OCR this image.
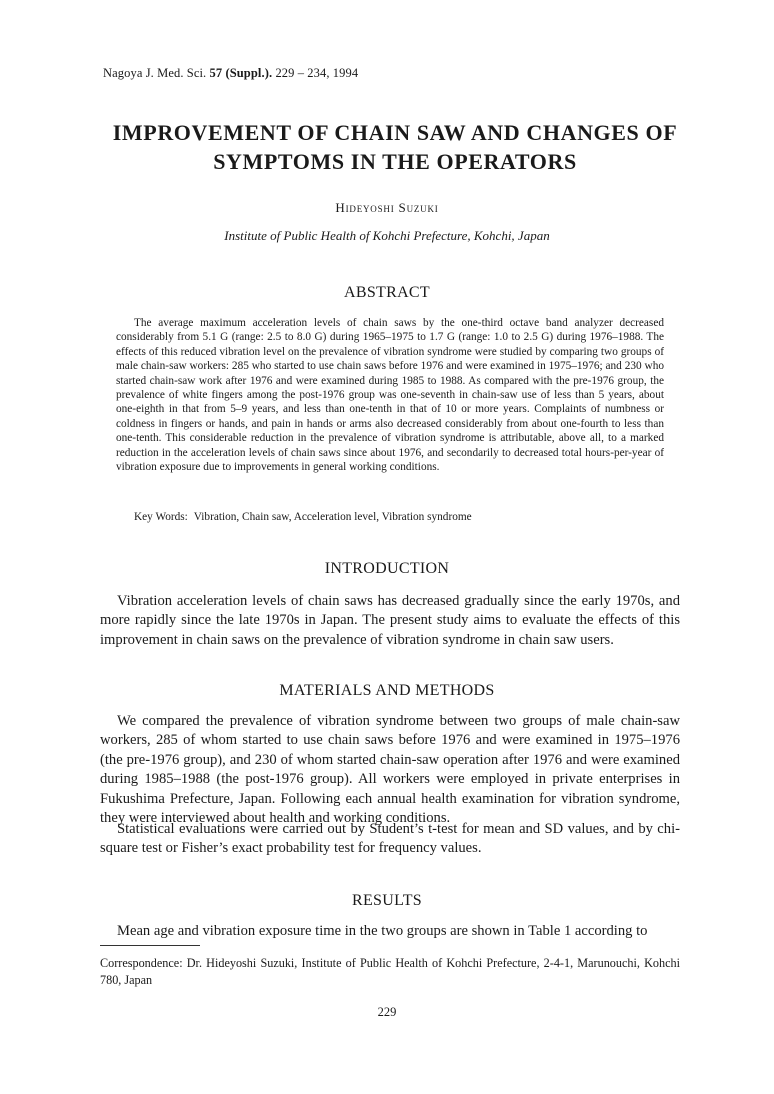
Nagoya J. Med. Sci. 57 (Suppl.). 229 – 234, 1994
IMPROVEMENT OF CHAIN SAW AND CHANGES OF
SYMPTOMS IN THE OPERATORS
Hideyoshi Suzuki
Institute of Public Health of Kohchi Prefecture, Kohchi, Japan
ABSTRACT

The average maximum acceleration levels of chain saws by the one-third octave band analyzer decreased considerably from 5.1 G (range: 2.5 to 8.0 G) during 1965–1975 to 1.7 G (range: 1.0 to 2.5 G) during 1976–1988. The effects of this reduced vibration level on the prevalence of vibration syndrome were studied by comparing two groups of male chain-saw workers: 285 who started to use chain saws before 1976 and were examined in 1975–1976; and 230 who started chain-saw work after 1976 and were examined during 1985 to 1988. As compared with the pre-1976 group, the prevalence of white fingers among the post-1976 group was one-seventh in chain-saw use of less than 5 years, about one-eighth in that from 5–9 years, and less than one-tenth in that of 10 or more years. Complaints of numbness or coldness in fingers or hands, and pain in hands or arms also decreased considerably from about one-fourth to less than one-tenth. This considerable reduction in the prevalence of vibration syndrome is attributable, above all, to a marked reduction in the acceleration levels of chain saws since about 1976, and secondarily to decreased total hours-per-year of vibration exposure due to improvements in general working conditions.

Key Words: Vibration, Chain saw, Acceleration level, Vibration syndrome

INTRODUCTION

Vibration acceleration levels of chain saws has decreased gradually since the early 1970s, and more rapidly since the late 1970s in Japan. The present study aims to evaluate the effects of this improvement in chain saws on the prevalence of vibration syndrome in chain saw users.

MATERIALS AND METHODS

We compared the prevalence of vibration syndrome between two groups of male chain-saw workers, 285 of whom started to use chain saws before 1976 and were examined in 1975–1976 (the pre-1976 group), and 230 of whom started chain-saw operation after 1976 and were examined during 1985–1988 (the post-1976 group). All workers were employed in private enterprises in Fukushima Prefecture, Japan. Following each annual health examination for vibration syndrome, they were interviewed about health and working conditions.

Statistical evaluations were carried out by Student’s t-test for mean and SD values, and by chi-square test or Fisher’s exact probability test for frequency values.

RESULTS

Mean age and vibration exposure time in the two groups are shown in Table 1 according to

Correspondence: Dr. Hideyoshi Suzuki, Institute of Public Health of Kohchi Prefecture, 2-4-1, Marunouchi, Kohchi 780, Japan

229
